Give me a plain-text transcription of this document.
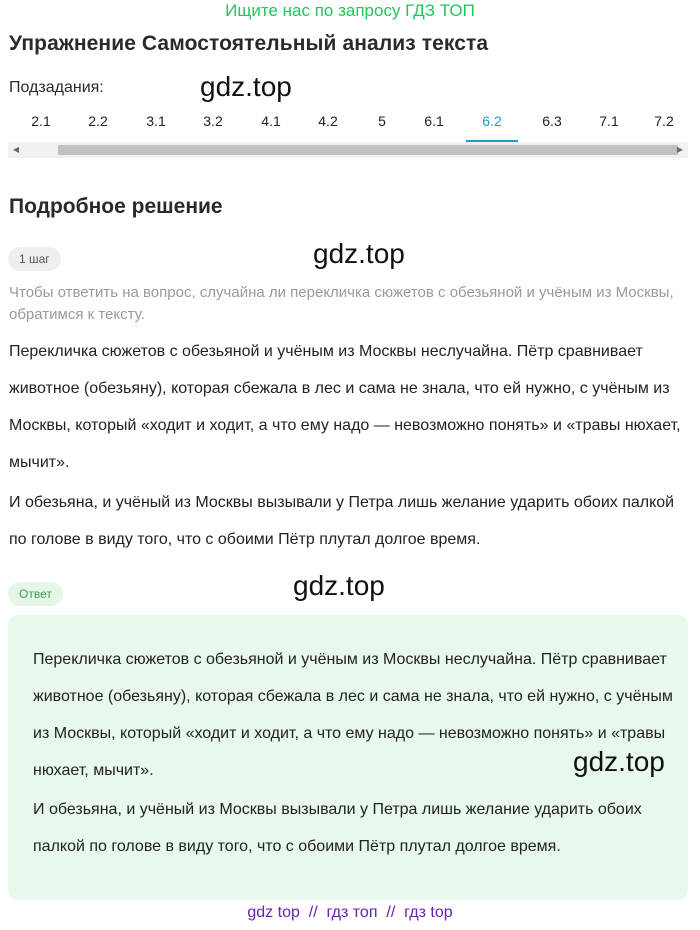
Ищите нас по запросу ГДЗ ТОП
Упражнение Самостоятельный анализ текста
Подзадания:	gdz.top
2.1	2.2	3.1	3.2	4.1	4.2	5	6.1	6.2	6.3	7.1	7.2
◀	▶
Подробное решение
1 шаг	gdz.top
Чтобы ответить на вопрос, случайна ли перекличка сюжетов с обезьяной и учёным из Москвы, обратимся к тексту.
Перекличка сюжетов с обезьяной и учёным из Москвы неслучайна. Пётр сравнивает животное (обезьяну), которая сбежала в лес и сама не знала, что ей нужно, с учёным из Москвы, который «ходит и ходит, а что ему надо — невозможно понять» и «травы нюхает, мычит».
И обезьяна, и учёный из Москвы вызывали у Петра лишь желание ударить обоих палкой по голове в виду того, что с обоими Пётр плутал долгое время.
Ответ	gdz.top
Перекличка сюжетов с обезьяной и учёным из Москвы неслучайна. Пётр сравнивает животное (обезьяну), которая сбежала в лес и сама не знала, что ей нужно, с учёным из Москвы, который «ходит и ходит, а что ему надо — невозможно понять» и «травы нюхает, мычит».
И обезьяна, и учёный из Москвы вызывали у Петра лишь желание ударить обоих палкой по голове в виду того, что с обоими Пётр плутал долгое время.
gdz.top
gdz top  //  гдз топ  //  гдз top
